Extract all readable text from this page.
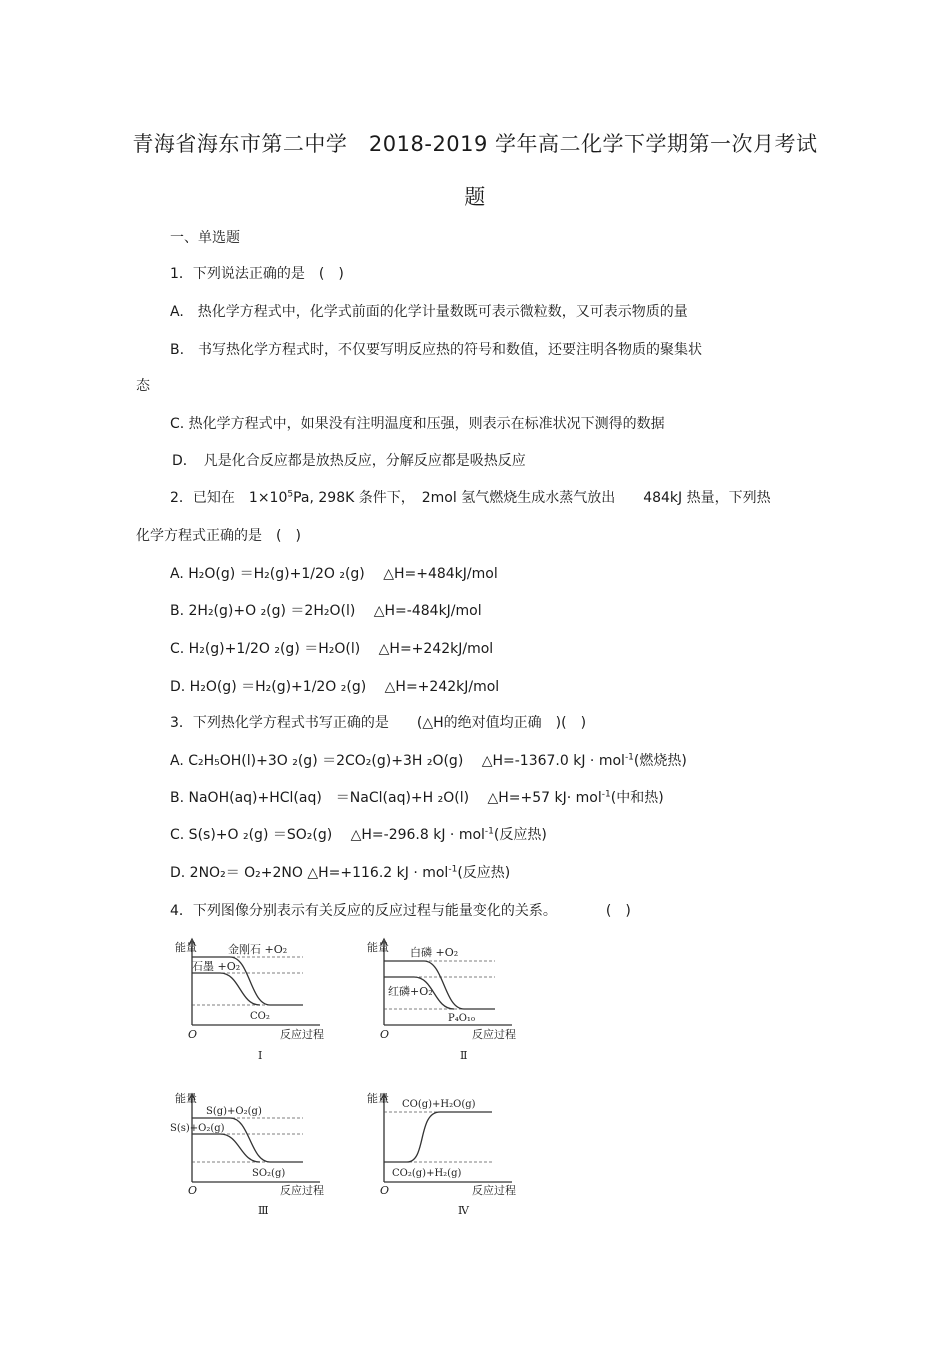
青海省海东市第二中学　2018-2019 学年高二化学下学期第一次月考试
题
一、单选题
1．下列说法正确的是　(　)
A.　热化学方程式中，化学式前面的化学计量数既可表示微粒数，又可表示物质的量
B.　书写热化学方程式时，不仅要写明反应热的符号和数值，还要注明各物质的聚集状
态
C. 热化学方程式中，如果没有注明温度和压强，则表示在标准状况下测得的数据
D．　凡是化合反应都是放热反应，分解反应都是吸热反应
2．已知在　$1\times 10^5Pa$, 298K 条件下，　2mol 氢气燃烧生成水蒸气放出　　484kJ 热量，下列热
化学方程式正确的是　(　)
A. H₂O(g) ＝H₂(g)+1/2O ₂(g)　 △H=+484kJ/mol
B. 2H₂(g)+O ₂(g) ＝2H₂O(l)　 △H=-484kJ/mol
C. H₂(g)+1/2O ₂(g) ＝H₂O(l)　 △H=+242kJ/mol
D. H₂O(g) ＝H₂(g)+1/2O ₂(g)　 △H=+242kJ/mol
3．下列热化学方程式书写正确的是　　(△H的绝对值均正确　)(　)
A. C₂H₅OH(l)+3O ₂(g) ＝2CO₂(g)+3H ₂O(g)　 △H=-1367.0 kJ · mol$^{-1}$(燃烧热)
B. NaOH(aq)+HCl(aq)　＝NaCl(aq)+H ₂O(l)　 △H=+57 kJ· mol$^{-1}$(中和热)
C. S(s)+O ₂(g) ＝SO₂(g)　 △H=-296.8 kJ · mol$^{-1}$(反应热)
D. 2NO₂＝ O₂+2NO △H=+116.2 kJ · mol$^{-1}$(反应热)
4．下列图像分别表示有关反应的反应过程与能量变化的关系。　　　　(　)
能量	金刚石 +O₂
石墨 +O₂
CO₂
O	反应过程
Ⅰ
能量 白磷 +O₂
红磷+O₂
P₄O₁₀
O	反应过程
Ⅱ
能量
S(g)+O₂(g)
S(s)+O₂(g)
SO₂(g)
O	反应过程
Ⅲ
能量 CO(g)+H₂O(g)
CO₂(g)+H₂(g)
O	反应过程
Ⅳ
